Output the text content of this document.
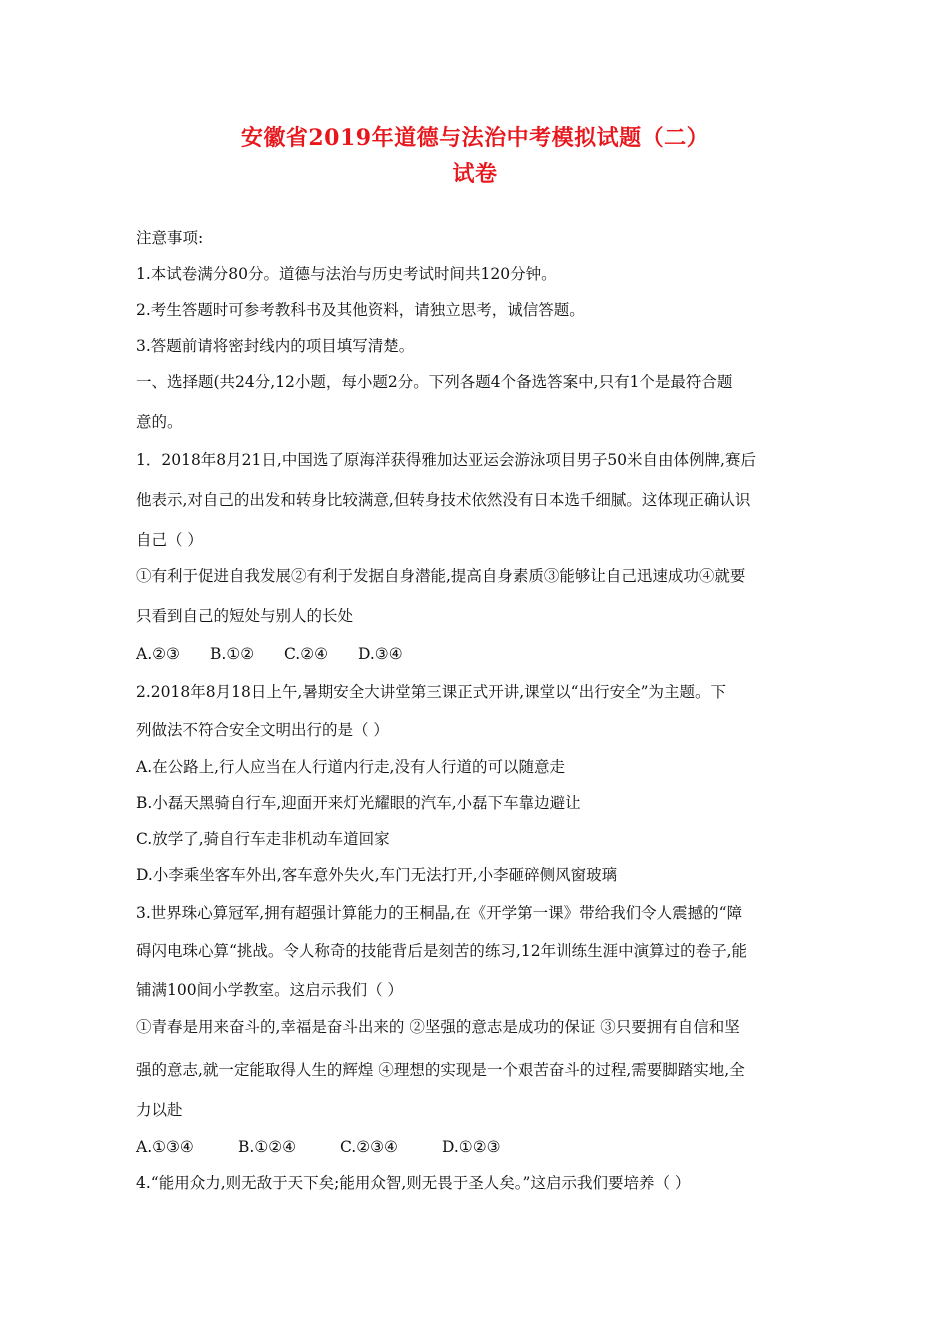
安徽省2019年道德与法治中考模拟试题（二）
试卷
注意事项:
1.本试卷满分80分。道德与法治与历史考试时间共120分钟。
2.考生答题时可参考教科书及其他资料，请独立思考，诚信答题。
3.答题前请将密封线内的项目填写清楚。
一、选择题(共24分,12小题，每小题2分。下列各题4个备选答案中,只有1个是最符合题
意的。
1．2018年8月21日,中国选了原海洋获得雅加达亚运会游泳项目男子50米自由体例牌,赛后
他表示,对自己的出发和转身比较满意,但转身技术依然没有日本选千细腻。这体现正确认识
自己（ ）
①有利于促进自我发展②有利于发据自身潜能,提高自身素质③能够让自己迅速成功④就要
只看到自己的短处与别人的长处
A.②③ B.①② C.②④ D.③④
2.2018年8月18日上午,暑期安全大讲堂第三课正式开讲,课堂以“出行安全”为主题。下
列做法不符合安全文明出行的是（ ）
A.在公路上,行人应当在人行道内行走,没有人行道的可以随意走
B.小磊天黑骑自行车,迎面开来灯光耀眼的汽车,小磊下车靠边避让
C.放学了,骑自行车走非机动车道回家
D.小李乘坐客车外出,客车意外失火,车门无法打开,小李砸碎侧风窗玻璃
3.世界珠心算冠军,拥有超强计算能力的王桐晶,在《开学第一课》带给我们令人震撼的“障
碍闪电珠心算“挑战。令人称奇的技能背后是刻苦的练习,12年训练生涯中演算过的卷子,能
铺满100间小学教室。这启示我们（ ）
①青春是用来奋斗的,幸福是奋斗出来的 ②坚强的意志是成功的保证 ③只要拥有自信和坚
强的意志,就一定能取得人生的辉煌 ④理想的实现是一个艰苦奋斗的过程,需要脚踏实地,全
力以赴
A.①③④	B.①②④	C.②③④	D.①②③
4.“能用众力,则无敌于天下矣;能用众智,则无畏于圣人矣。”这启示我们要培养（ ）
